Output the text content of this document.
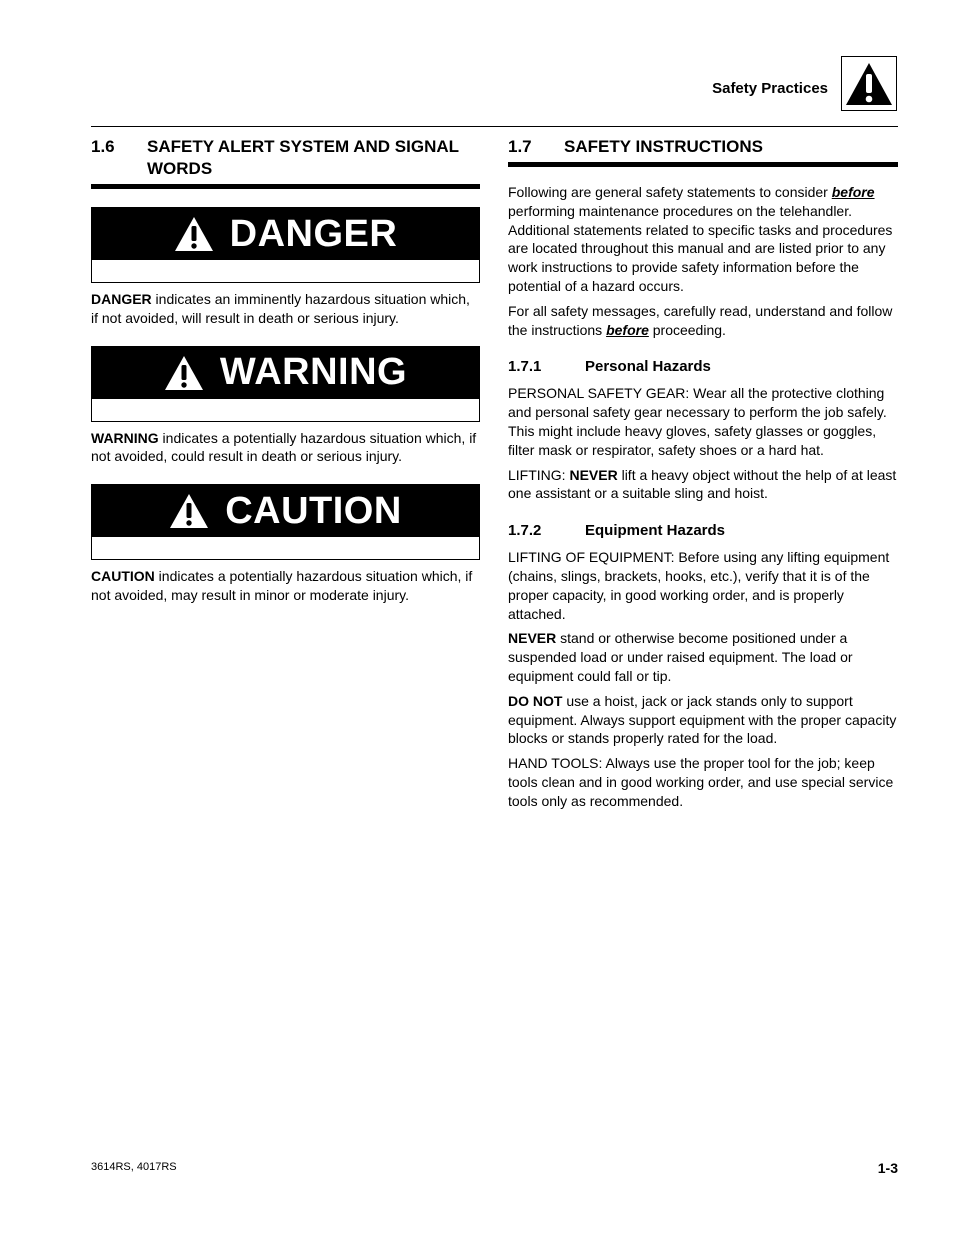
Safety Practices
1.6	SAFETY ALERT SYSTEM AND SIGNAL WORDS
DANGER

DANGER indicates an imminently hazardous situation which, if not avoided, will result in death or serious injury.

WARNING

WARNING indicates a potentially hazardous situation which, if not avoided, could result in death or serious injury.

CAUTION

CAUTION indicates a potentially hazardous situation which, if not avoided, may result in minor or moderate injury.

1.7	SAFETY INSTRUCTIONS

Following are general safety statements to consider before performing maintenance procedures on the telehandler. Additional statements related to specific tasks and procedures are located throughout this manual and are listed prior to any work instructions to provide safety information before the potential of a hazard occurs.

For all safety messages, carefully read, understand and follow the instructions before proceeding.

1.7.1	Personal Hazards

PERSONAL SAFETY GEAR: Wear all the protective clothing and personal safety gear necessary to perform the job safely. This might include heavy gloves, safety glasses or goggles, filter mask or respirator, safety shoes or a hard hat.

LIFTING: NEVER lift a heavy object without the help of at least one assistant or a suitable sling and hoist.

1.7.2	Equipment Hazards

LIFTING OF EQUIPMENT: Before using any lifting equipment (chains, slings, brackets, hooks, etc.), verify that it is of the proper capacity, in good working order, and is properly attached.

NEVER stand or otherwise become positioned under a suspended load or under raised equipment. The load or equipment could fall or tip.

DO NOT use a hoist, jack or jack stands only to support equipment. Always support equipment with the proper capacity blocks or stands properly rated for the load.

HAND TOOLS: Always use the proper tool for the job; keep tools clean and in good working order, and use special service tools only as recommended.

3614RS, 4017RS	1-3
